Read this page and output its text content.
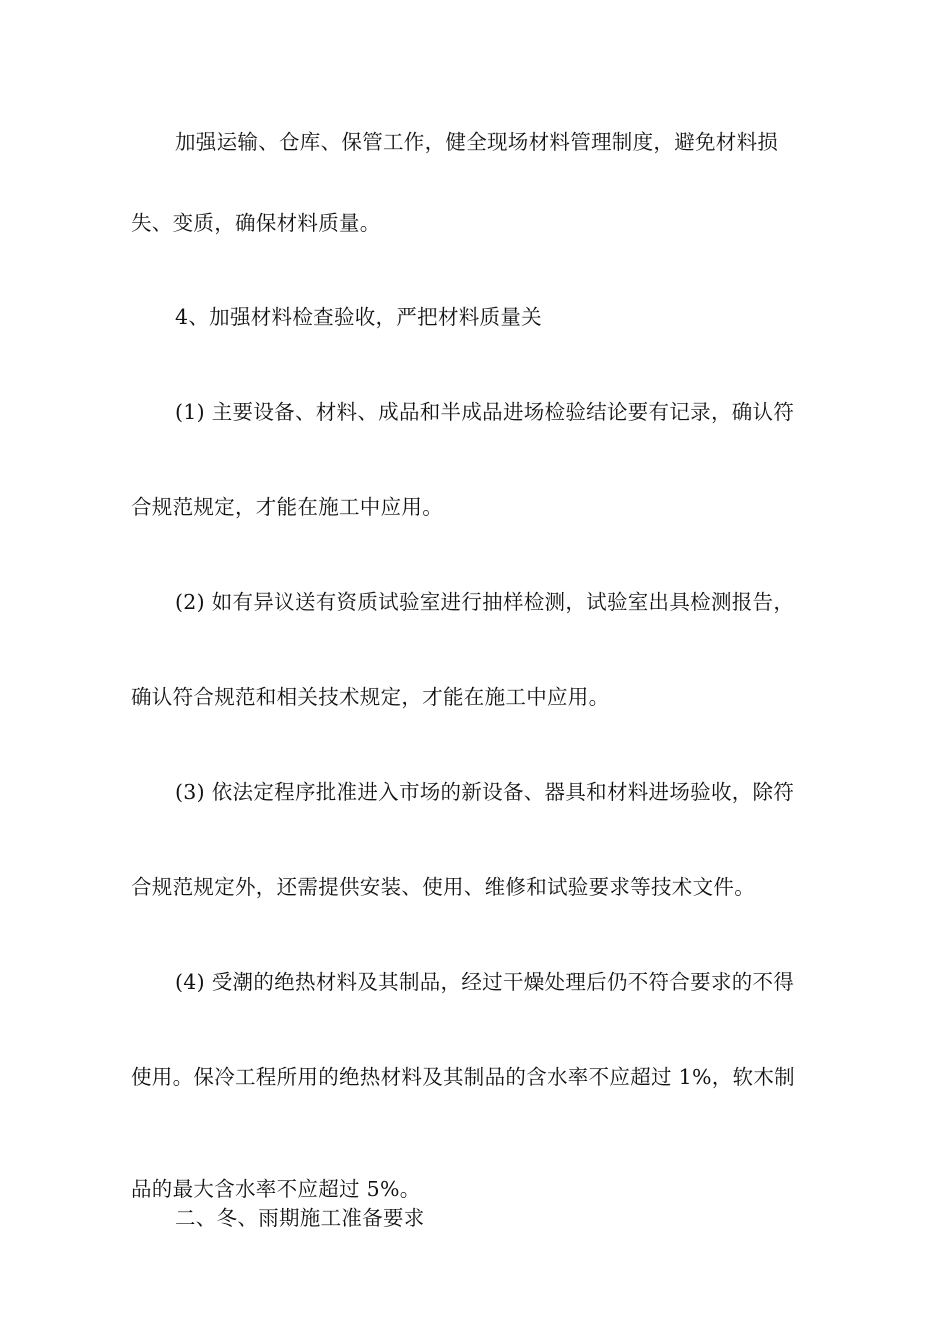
加强运输、仓库、保管工作，健全现场材料管理制度，避免材料损
失、变质，确保材料质量。
4、加强材料检查验收，严把材料质量关
(1) 主要设备、材料、成品和半成品进场检验结论要有记录，确认符
合规范规定，才能在施工中应用。
(2) 如有异议送有资质试验室进行抽样检测，试验室出具检测报告，
确认符合规范和相关技术规定，才能在施工中应用。
(3) 依法定程序批准进入市场的新设备、器具和材料进场验收，除符
合规范规定外，还需提供安装、使用、维修和试验要求等技术文件。
(4) 受潮的绝热材料及其制品，经过干燥处理后仍不符合要求的不得
使用。保冷工程所用的绝热材料及其制品的含水率不应超过 1%，软木制
品的最大含水率不应超过 5%。
二、冬、雨期施工准备要求
